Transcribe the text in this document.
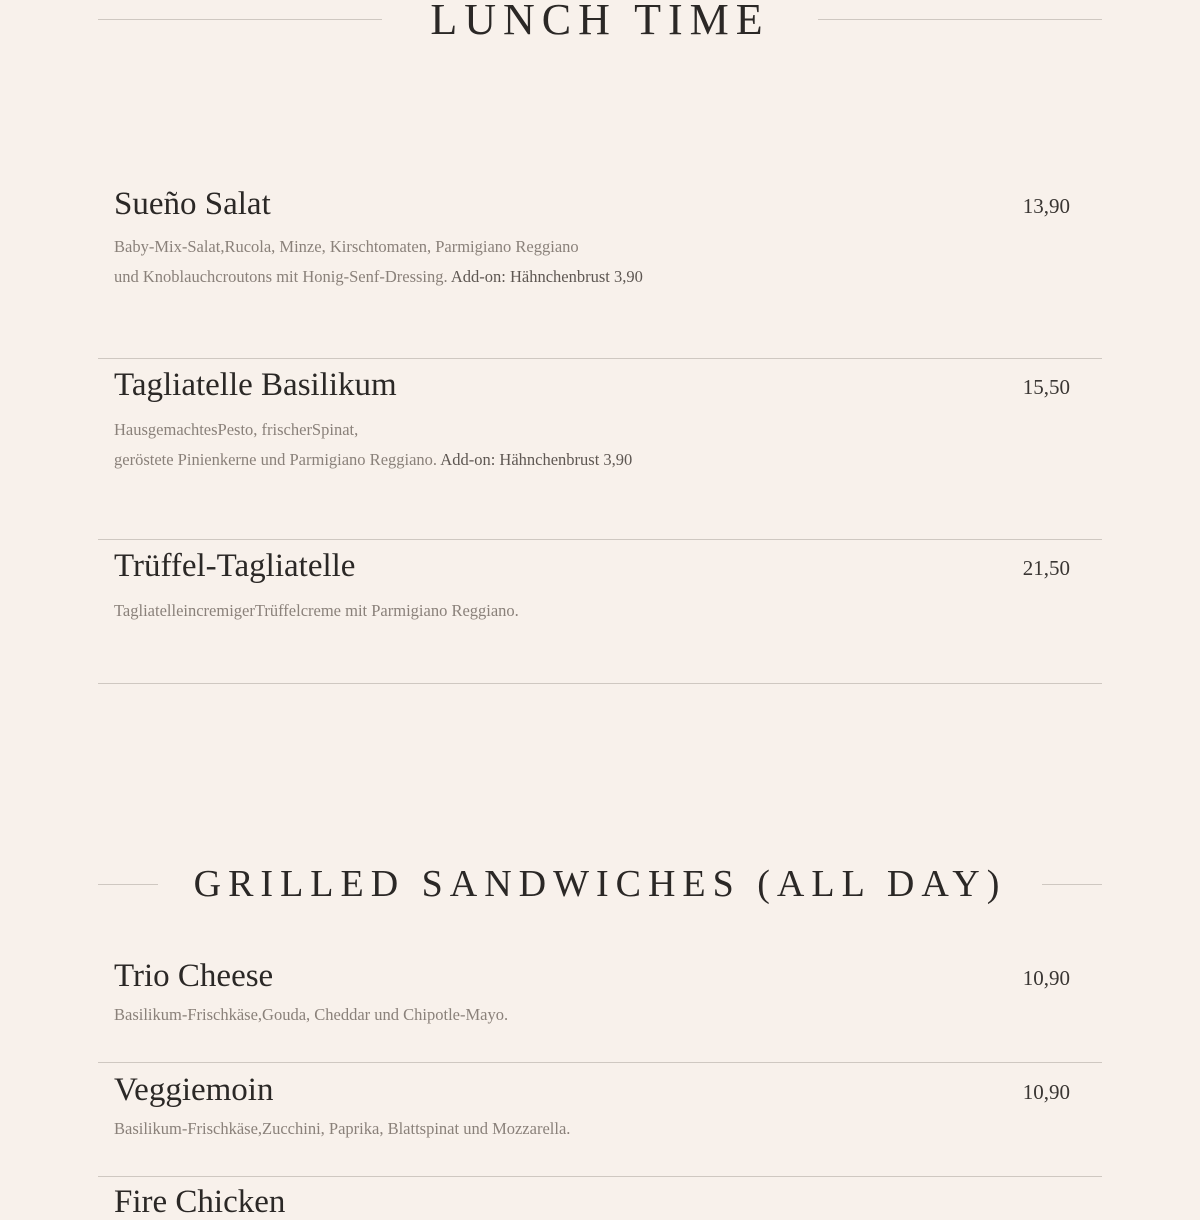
LUNCH TIME
Sueño Salat	13,90
Baby-Mix-Salat,Rucola, Minze, Kirschtomaten, Parmigiano Reggiano
und Knoblauchcroutons mit Honig-Senf-Dressing. Add-on: Hähnchenbrust 3,90
Tagliatelle Basilikum	15,50
HausgemachtesPesto, frischerSpinat,
geröstete Pinienkerne und Parmigiano Reggiano. Add-on: Hähnchenbrust 3,90
Trüffel-Tagliatelle	21,50
TagliatelleincremigerTrüffelcreme mit Parmigiano Reggiano.
GRILLED SANDWICHES (ALL DAY)
Trio Cheese	10,90
Basilikum-Frischkäse,Gouda, Cheddar und Chipotle-Mayo.
Veggiemoin	10,90
Basilikum-Frischkäse,Zucchini, Paprika, Blattspinat und Mozzarella.
Fire Chicken
